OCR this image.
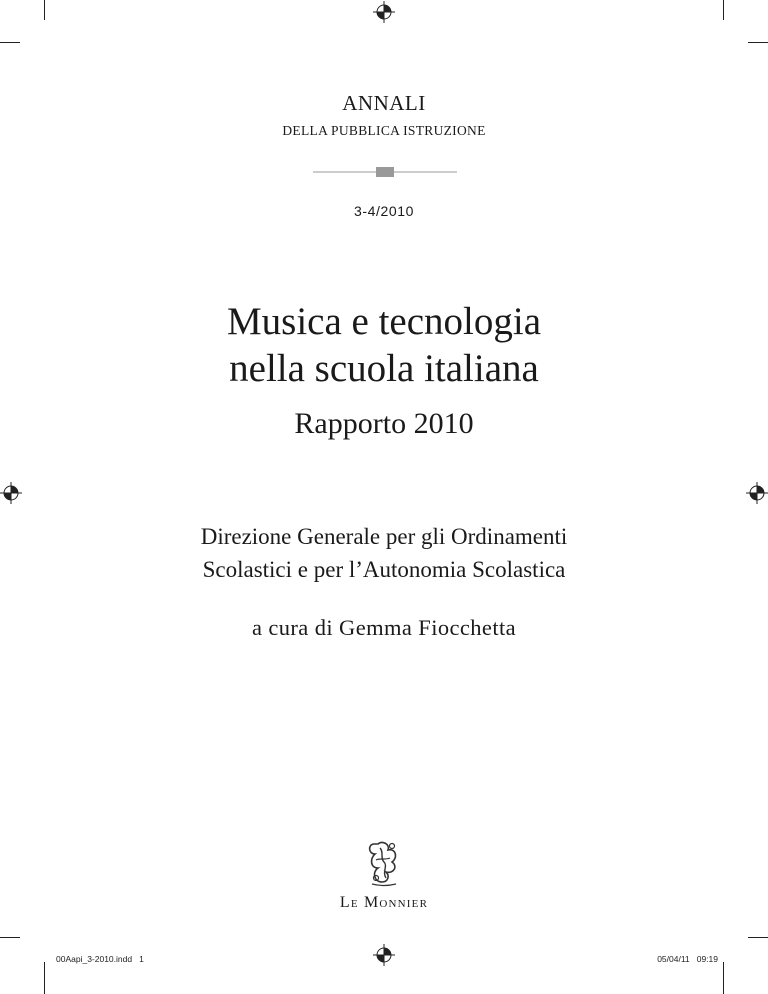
ANNALI
DELLA PUBBLICA ISTRUZIONE
3-4/2010
Musica e tecnologia
nella scuola italiana
Rapporto 2010
Direzione Generale per gli Ordinamenti
Scolastici e per l’Autonomia Scolastica
a cura di Gemma Fiocchetta
Le Monnier
00Aapi_3-2010.indd   1	05/04/11   09:19
